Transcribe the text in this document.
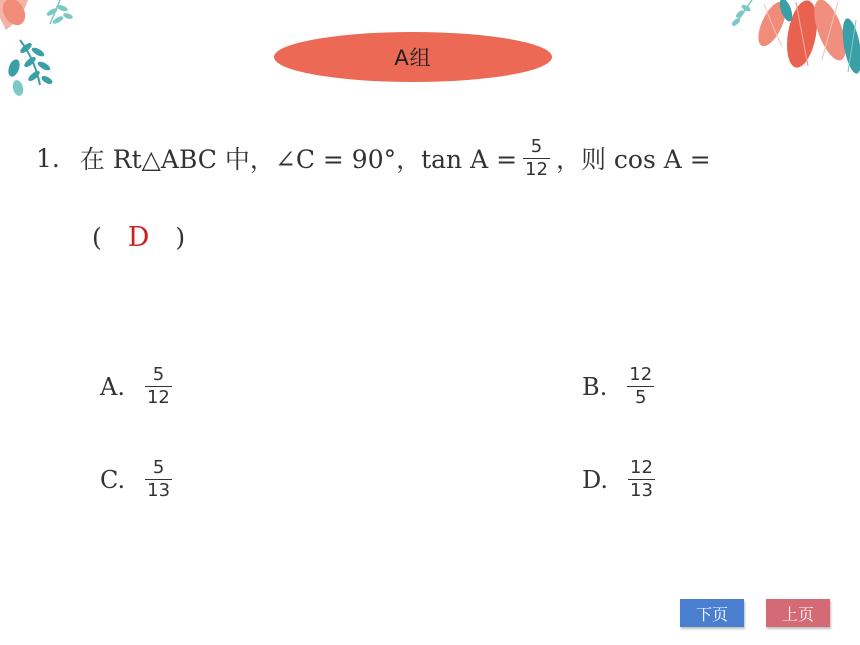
A组
1. 在 Rt△ABC 中，∠C = 90°，$\tan A = \frac{5}{12}$ ，则 cos A =
( D )
A. $\frac{5}{12}$	B. $\frac{12}{5}$
C. $\frac{5}{13}$	D. $\frac{12}{13}$
下页	上页
